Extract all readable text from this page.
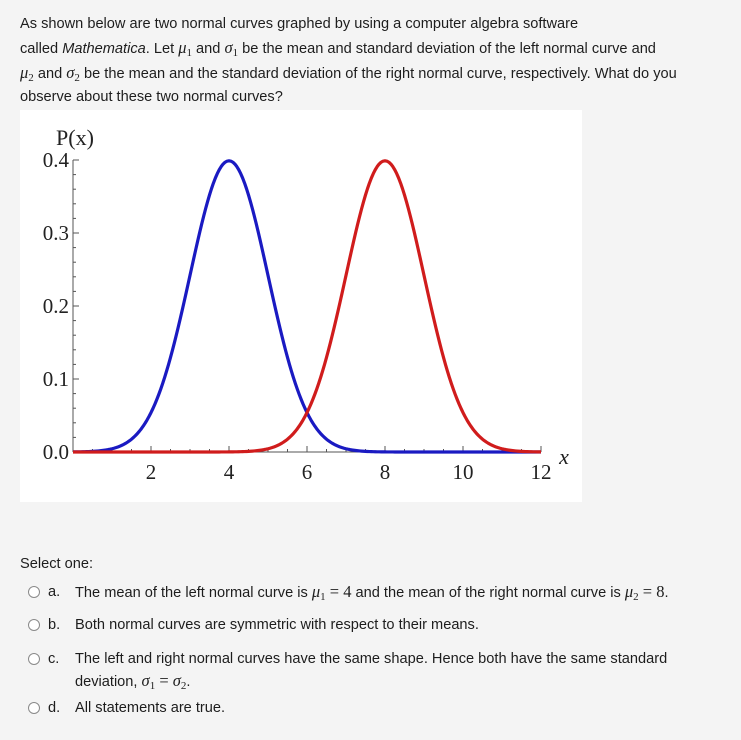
As shown below are two normal curves graphed by using a computer algebra software
called Mathematica. Let $\mu_1$ and $\sigma_1$ be the mean and standard deviation of the left normal curve and
$\mu_2$ and $\sigma_2$ be the mean and the standard deviation of the right normal curve, respectively. What do you
observe about these two normal curves?
P(x)
x
0.0
0.1
0.2
0.3
0.4
2	4	6	8	10	12
Select one:
a. The mean of the left normal curve is $\mu_1 = 4$ and the mean of the right normal curve is $\mu_2 = 8$.
b. Both normal curves are symmetric with respect to their means.
c. The left and right normal curves have the same shape. Hence both have the same standard
deviation, $\sigma_1 = \sigma_2$.
d. All statements are true.
